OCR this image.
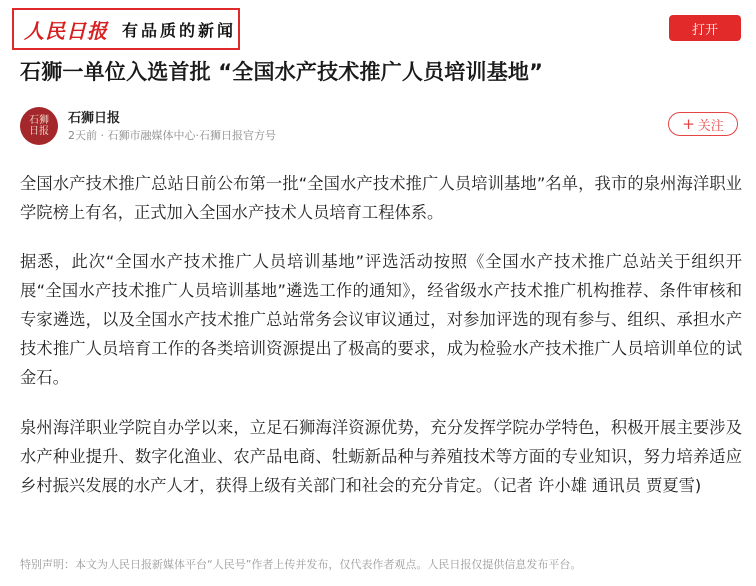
人民日报 有品质的新闻	打开
石狮一单位入选首批 “全国水产技术推广人员培训基地”
石狮日报
石狮日报
2天前 · 石狮市融媒体中心·石狮日报官方号
+ 关注

全国水产技术推广总站日前公布第一批“全国水产技术推广人员培训基地”名单，我市的泉州海洋职业学院榜上有名，正式加入全国水产技术人员培育工程体系。

据悉，此次“全国水产技术推广人员培训基地”评选活动按照《全国水产技术推广总站关于组织开展“全国水产技术推广人员培训基地”遴选工作的通知》，经省级水产技术推广机构推荐、条件审核和专家遴选，以及全国水产技术推广总站常务会议审议通过，对参加评选的现有参与、组织、承担水产技术推广人员培育工作的各类培训资源提出了极高的要求，成为检验水产技术推广人员培训单位的试金石。

泉州海洋职业学院自办学以来，立足石狮海洋资源优势，充分发挥学院办学特色，积极开展主要涉及水产种业提升、数字化渔业、农产品电商、牡蛎新品种与养殖技术等方面的专业知识，努力培养适应乡村振兴发展的水产人才，获得上级有关部门和社会的充分肯定。（记者 许小雄 通讯员 贾夏雪)

特别声明：本文为人民日报新媒体平台“人民号”作者上传并发布，仅代表作者观点。人民日报仅提供信息发布平台。
